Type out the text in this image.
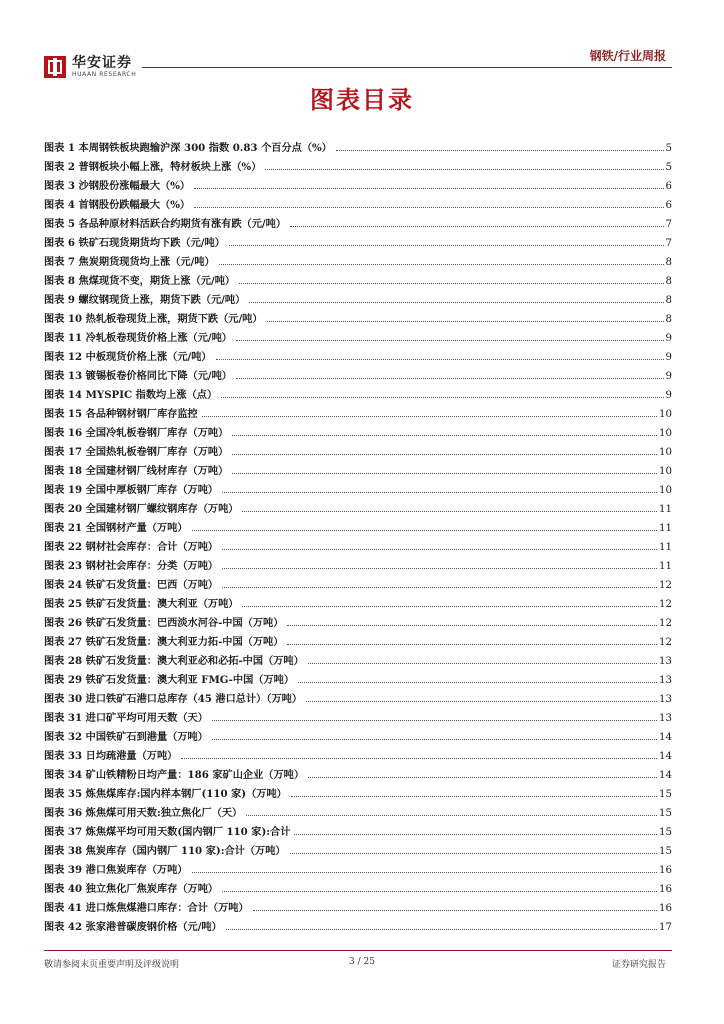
华安证券
HUAAN RESEARCH
钢铁/行业周报
图表目录
图表 1 本周钢铁板块跑输沪深 300 指数 0.83 个百分点（%）	5
图表 2 普钢板块小幅上涨，特材板块上涨（%）	5
图表 3 沙钢股份涨幅最大（%）	6
图表 4 首钢股份跌幅最大（%）	6
图表 5 各品种原材料活跃合约期货有涨有跌（元/吨）	7
图表 6 铁矿石现货期货均下跌（元/吨）	7
图表 7 焦炭期货现货均上涨（元/吨）	8
图表 8 焦煤现货不变，期货上涨（元/吨）	8
图表 9 螺纹钢现货上涨，期货下跌（元/吨）	8
图表 10 热轧板卷现货上涨，期货下跌（元/吨）	8
图表 11 冷轧板卷现货价格上涨（元/吨）	9
图表 12 中板现货价格上涨（元/吨）	9
图表 13 镀锡板卷价格同比下降（元/吨）	9
图表 14 MYSPIC 指数均上涨（点）	9
图表 15 各品种钢材钢厂库存监控	10
图表 16 全国冷轧板卷钢厂库存（万吨）	10
图表 17 全国热轧板卷钢厂库存（万吨）	10
图表 18 全国建材钢厂线材库存（万吨）	10
图表 19 全国中厚板钢厂库存（万吨）	10
图表 20 全国建材钢厂螺纹钢库存（万吨）	11
图表 21 全国钢材产量（万吨）	11
图表 22 钢材社会库存：合计（万吨）	11
图表 23 钢材社会库存：分类（万吨）	11
图表 24 铁矿石发货量：巴西（万吨）	12
图表 25 铁矿石发货量：澳大利亚（万吨）	12
图表 26 铁矿石发货量：巴西淡水河谷-中国（万吨）	12
图表 27 铁矿石发货量：澳大利亚力拓-中国（万吨）	12
图表 28 铁矿石发货量：澳大利亚必和必拓-中国（万吨）	13
图表 29 铁矿石发货量：澳大利亚 FMG-中国（万吨）	13
图表 30 进口铁矿石港口总库存（45 港口总计）（万吨）	13
图表 31 进口矿平均可用天数（天）	13
图表 32 中国铁矿石到港量（万吨）	14
图表 33 日均疏港量（万吨）	14
图表 34 矿山铁精粉日均产量：186 家矿山企业（万吨）	14
图表 35 炼焦煤库存:国内样本钢厂(110 家)（万吨）	15
图表 36 炼焦煤可用天数:独立焦化厂（天）	15
图表 37 炼焦煤平均可用天数(国内钢厂 110 家):合计	15
图表 38 焦炭库存（国内钢厂 110 家):合计（万吨）	15
图表 39 港口焦炭库存（万吨）	16
图表 40 独立焦化厂焦炭库存（万吨）	16
图表 41 进口炼焦煤港口库存：合计（万吨）	16
图表 42 张家港普碳废钢价格（元/吨）	17
敬请参阅末页重要声明及评级说明	3 / 25	证券研究报告
